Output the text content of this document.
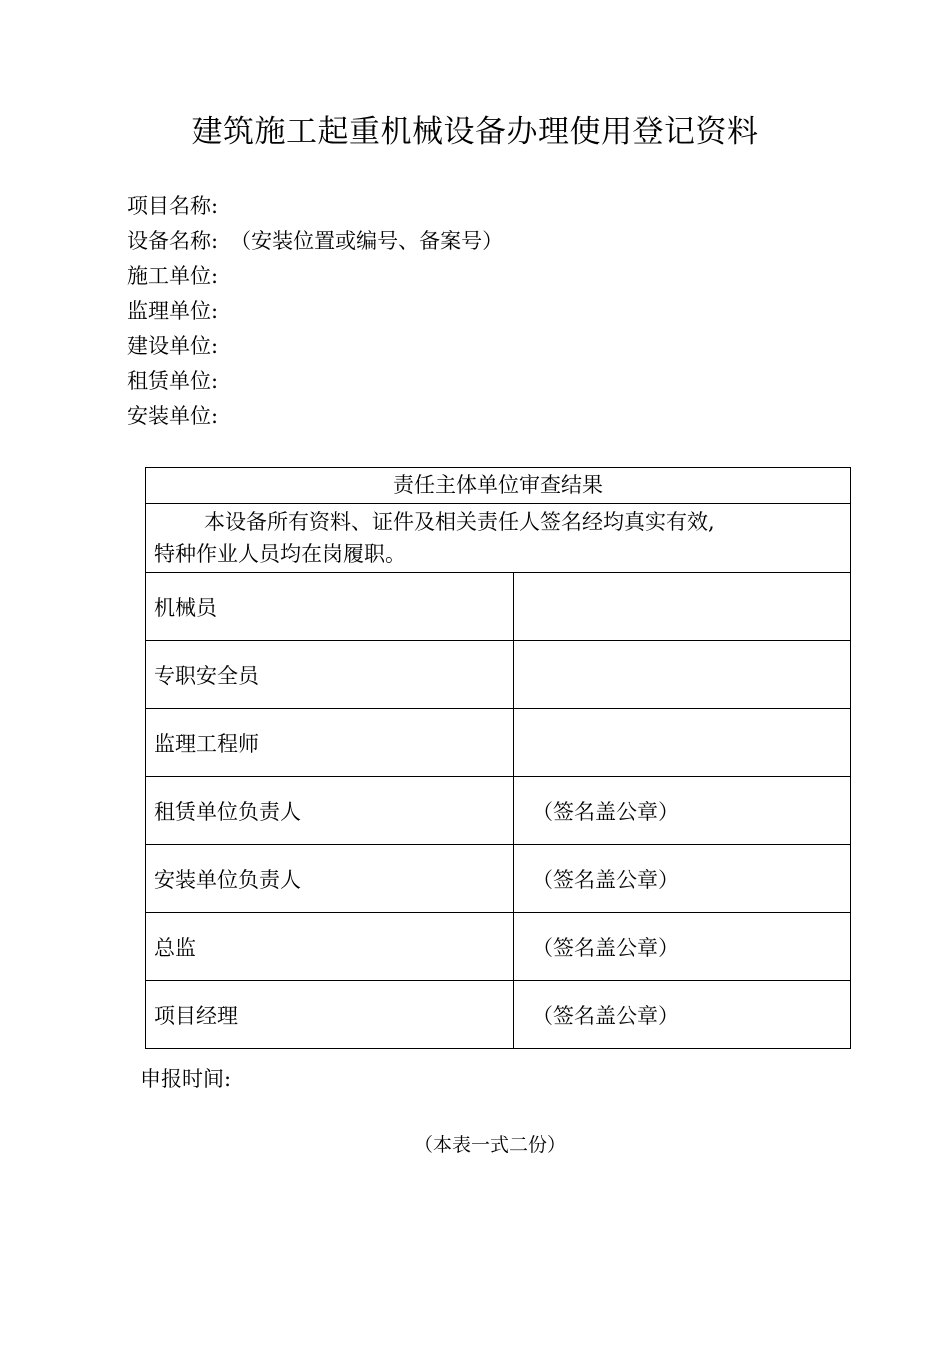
建筑施工起重机械设备办理使用登记资料
项目名称:
设备名称: （安装位置或编号、备案号）
施工单位:
监理单位:
建设单位:
租赁单位:
安装单位:
责任主体单位审查结果	

本设备所有资料、证件及相关责任人签名经均真实有效,
特种作业人员均在岗履职。	

机械员	
专职安全员	
监理工程师	
租赁单位负责人	（签名盖公章）
安装单位负责人	（签名盖公章）
总监	（签名盖公章）
项目经理	（签名盖公章）
申报时间:
（本表一式二份）
